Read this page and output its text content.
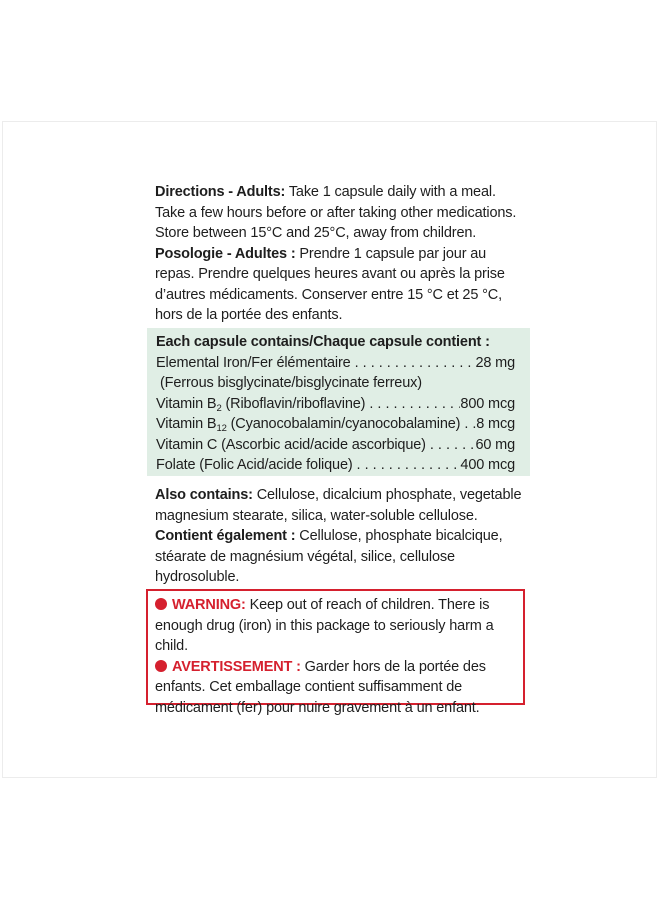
Directions - Adults: Take 1 capsule daily with a meal. Take a few hours before or after taking other medications. Store between 15°C and 25°C, away from children.

Posologie - Adultes : Prendre 1 capsule par jour au repas. Prendre quelques heures avant ou après la prise d’autres médicaments. Conserver entre 15 °C et 25 °C, hors de la portée des enfants.

Each capsule contains/Chaque capsule contient :
Elemental Iron/Fer élémentaire . . .	28 mg
(Ferrous bisglycinate/bisglycinate ferreux)
Vitamin $B_2$ (Riboflavin/riboflavine) . . .	800 mcg
Vitamin $B_{12}$ (Cyanocobalamin/cyanocobalamine) . . . 8 mcg
Vitamin C (Ascorbic acid/acide ascorbique) . . .	60 mg
Folate (Folic Acid/acide folique) . . .	400 mcg

Also contains: Cellulose, dicalcium phosphate, vegetable magnesium stearate, silica, water-soluble cellulose.

Contient également : Cellulose, phosphate bicalcique, stéarate de magnésium végétal, silice, cellulose hydrosoluble.

WARNING: Keep out of reach of children. There is enough drug (iron) in this package to seriously harm a child.

AVERTISSEMENT : Garder hors de la portée des enfants. Cet emballage contient suffisamment de médicament (fer) pour nuire gravement à un enfant.
